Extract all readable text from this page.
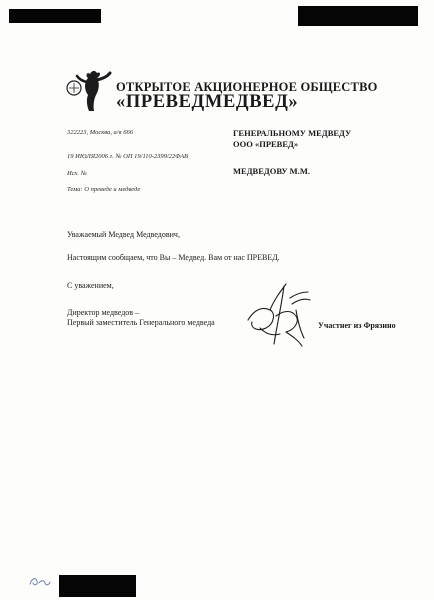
ОТКРЫТОЕ АКЦИОНЕРНОЕ ОБЩЕСТВО
«ПРЕВЕДМЕДВЕД»
322223, Москва, а/я 666
19 ИЮЛЯ2006 г. № ОП 19/110-2399/22ФАВ
Исх. №
Тема: О преведе и медведе
ГЕНЕРАЛЬНОМУ МЕДВЕДУ
ООО «ПРЕВЕД»
МЕДВЕДОВУ М.М.
Уважаемый Медвед Медведович,
Настоящим сообщаем, что Вы – Медвед. Вам от нас ПРЕВЕД.
С уважением,
Директор медведов –
Первый заместитель Генерального медведа	Участнег из Фрязино
